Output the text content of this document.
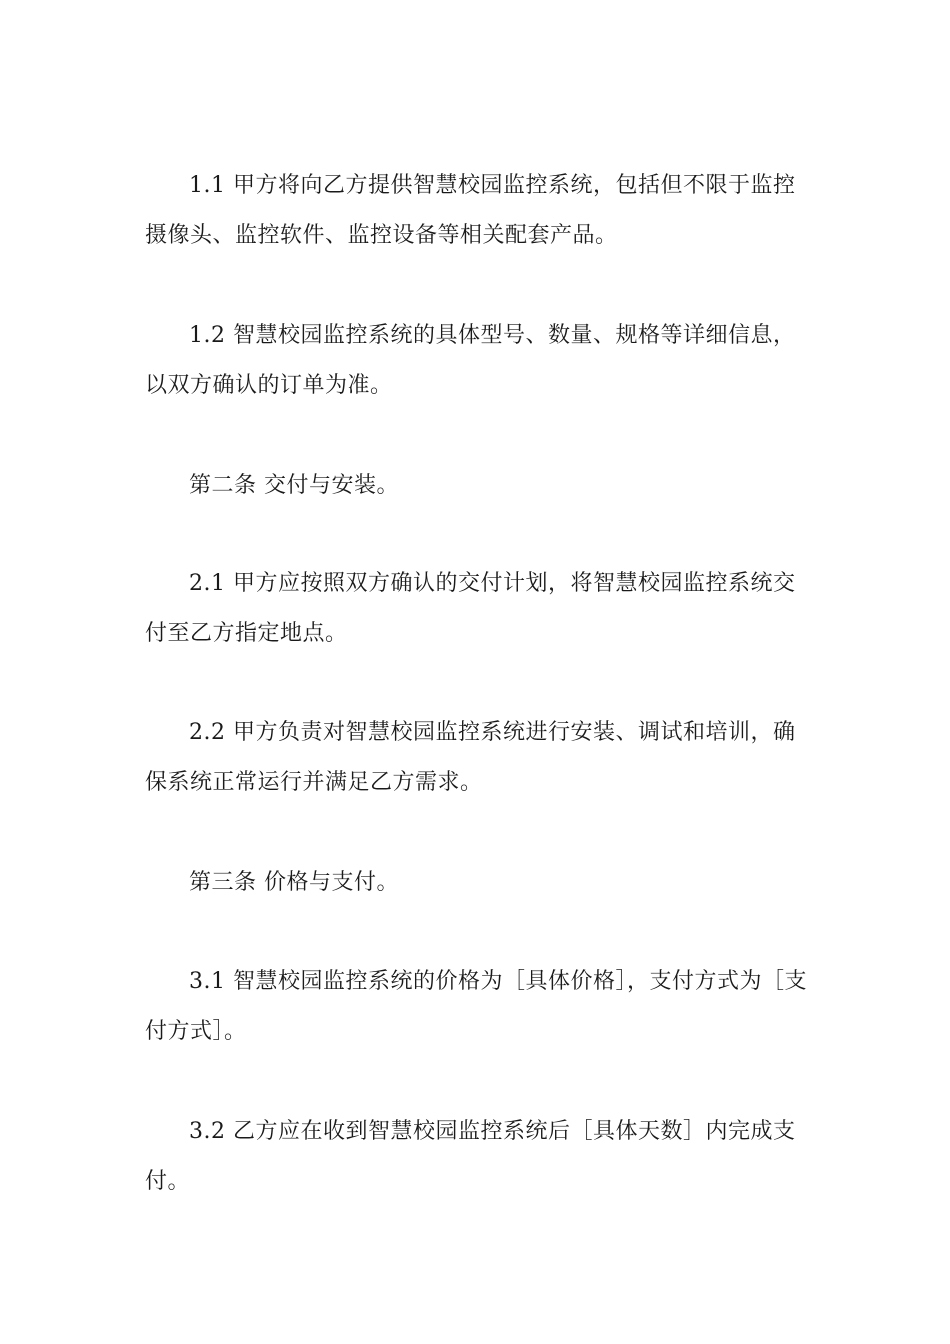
1.1 甲方将向乙方提供智慧校园监控系统，包括但不限于监控摄像头、监控软件、监控设备等相关配套产品。

1.2 智慧校园监控系统的具体型号、数量、规格等详细信息，以双方确认的订单为准。

第二条 交付与安装。

2.1 甲方应按照双方确认的交付计划，将智慧校园监控系统交付至乙方指定地点。

2.2 甲方负责对智慧校园监控系统进行安装、调试和培训，确保系统正常运行并满足乙方需求。

第三条 价格与支付。

3.1 智慧校园监控系统的价格为［具体价格］，支付方式为［支付方式］。

3.2 乙方应在收到智慧校园监控系统后［具体天数］内完成支付。
